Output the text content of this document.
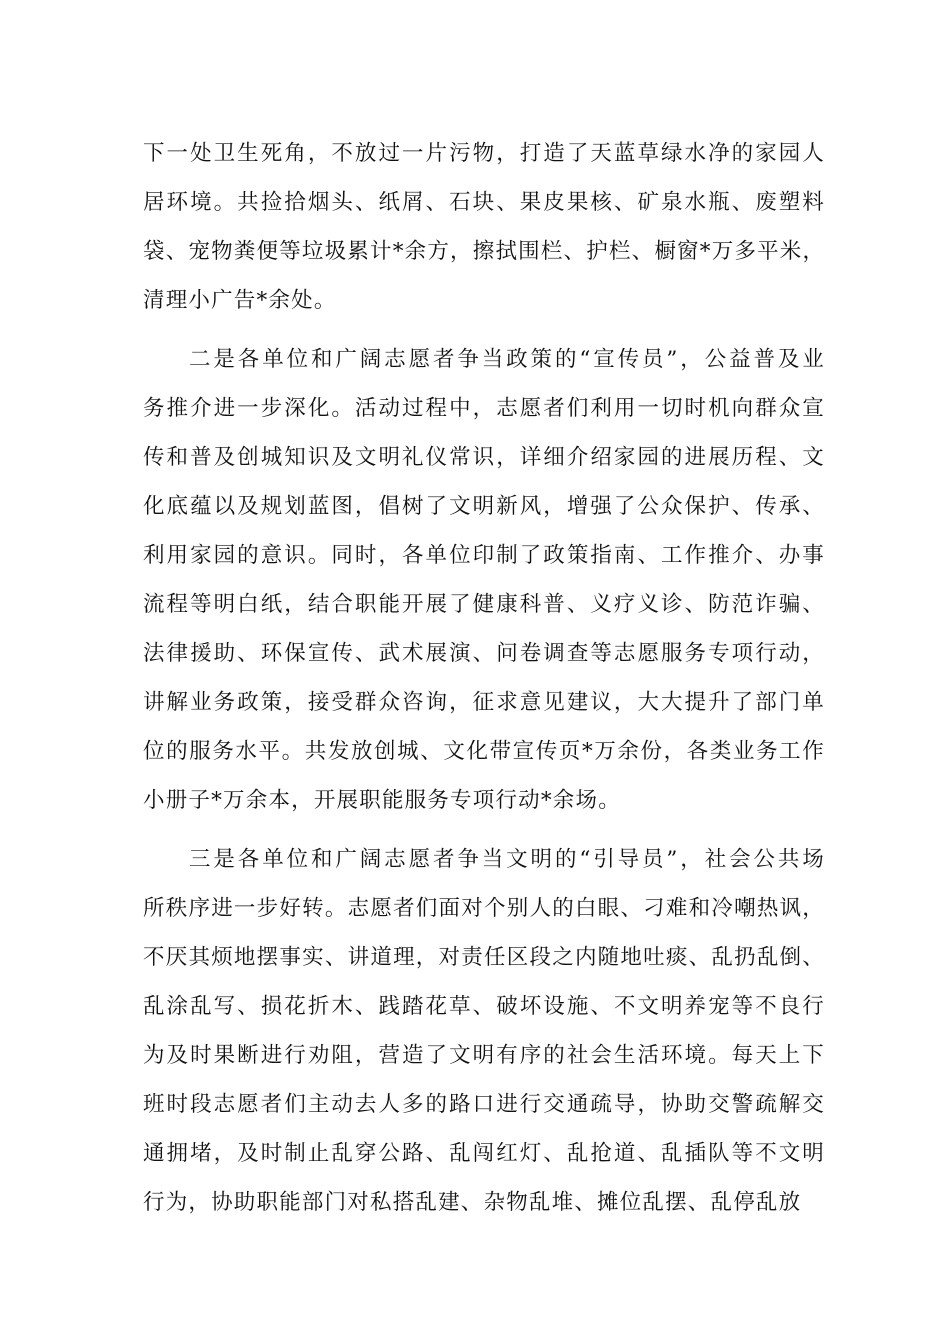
下一处卫生死角，不放过一片污物，打造了天蓝草绿水净的家园人
居环境。共捡拾烟头、纸屑、石块、果皮果核、矿泉水瓶、废塑料
袋、宠物粪便等垃圾累计*余方，擦拭围栏、护栏、橱窗*万多平米，
清理小广告*余处。
二是各单位和广阔志愿者争当政策的“宣传员”，公益普及业
务推介进一步深化。活动过程中，志愿者们利用一切时机向群众宣
传和普及创城知识及文明礼仪常识，详细介绍家园的进展历程、文
化底蕴以及规划蓝图，倡树了文明新风，增强了公众保护、传承、
利用家园的意识。同时，各单位印制了政策指南、工作推介、办事
流程等明白纸，结合职能开展了健康科普、义疗义诊、防范诈骗、
法律援助、环保宣传、武术展演、问卷调查等志愿服务专项行动，
讲解业务政策，接受群众咨询，征求意见建议，大大提升了部门单
位的服务水平。共发放创城、文化带宣传页*万余份，各类业务工作
小册子*万余本，开展职能服务专项行动*余场。
三是各单位和广阔志愿者争当文明的“引导员”，社会公共场
所秩序进一步好转。志愿者们面对个别人的白眼、刁难和冷嘲热讽，
不厌其烦地摆事实、讲道理，对责任区段之内随地吐痰、乱扔乱倒、
乱涂乱写、损花折木、践踏花草、破坏设施、不文明养宠等不良行
为及时果断进行劝阻，营造了文明有序的社会生活环境。每天上下
班时段志愿者们主动去人多的路口进行交通疏导，协助交警疏解交
通拥堵，及时制止乱穿公路、乱闯红灯、乱抢道、乱插队等不文明
行为，协助职能部门对私搭乱建、杂物乱堆、摊位乱摆、乱停乱放
